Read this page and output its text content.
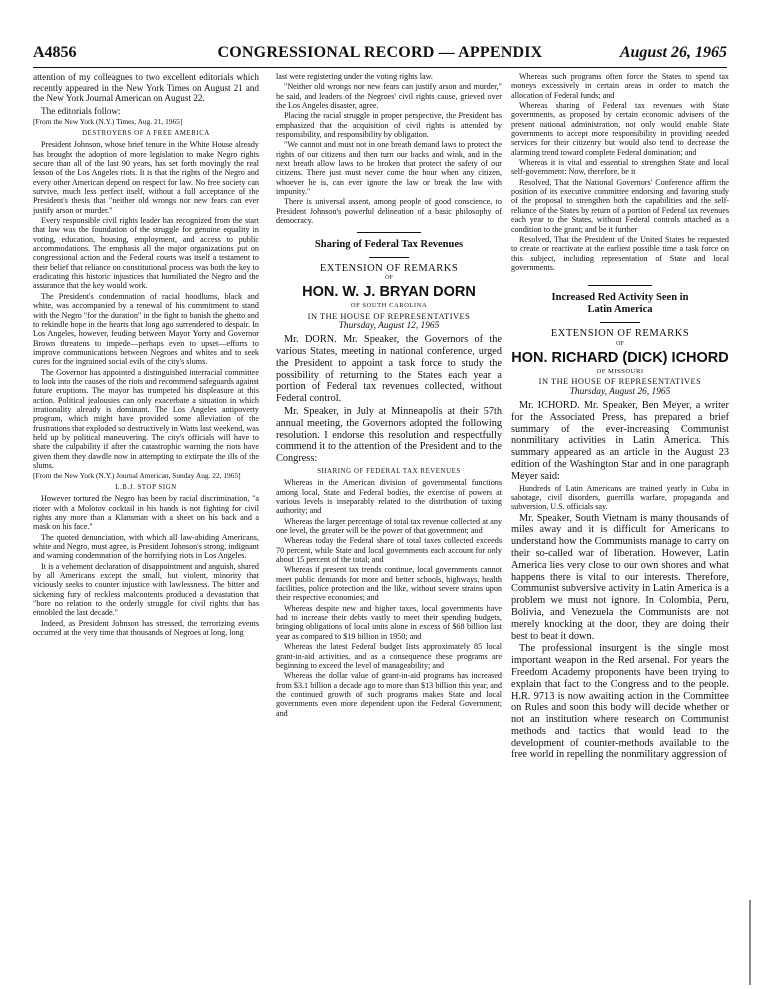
A4856	CONGRESSIONAL RECORD — APPENDIX	August 26, 1965

attention of my colleagues to two excellent editorials which recently appeared in the New York Times on August 21 and the New York Journal American on August 22.

The editorials follow:

[From the New York (N.Y.) Times, Aug. 21, 1965]

DESTROYERS OF A FREE AMERICA

President Johnson, whose brief tenure in the White House already has brought the adoption of more legislation to make Negro rights secure than all of the last 90 years, has set forth movingly the real lesson of the Los Angeles riots. It is that the rights of the Negro and every other American depend on respect for law. No free society can survive, much less perfect itself, without a full acceptance of the President's thesis that "neither old wrongs nor new fears can ever justify arson or murder."

Every responsible civil rights leader has recognized from the start that law was the foundation of the struggle for genuine equality in voting, education, housing, employment, and access to public accommodations. The emphasis all the major organizations put on congressional action and the Federal courts was itself a testament to their belief that reliance on constitutional process was both the key to eradicating this historic injustices that humiliated the Negro and the assurance that the key would work.

The President's condemnation of racial hoodlums, black and white, was accompanied by a renewal of his commitment to stand with the Negro "for the duration" in the fight to banish the ghetto and to rekindle hope in the hearts that long ago surrendered to despair. In Los Angeles, however, feuding between Mayor Yorty and Governor Brown threatens to impede—perhaps even to upset—efforts to improve communications between Negroes and whites and to seek cures for the ingrained social evils of the city's slums.

The Governor has appointed a distinguished interracial committee to look into the causes of the riots and recommend safeguards against future eruptions. The mayor has trumpeted his displeasure at this action. Political jealousies can only exacerbate a situation in which irrationality already is dominant. The Los Angeles antipoverty program, which might have provided some alleviation of the frustrations that exploded so destructively in Watts last weekend, was held up by political maneuvering. The city's officials will have to share the culpability if after the catastrophic warning the riots have given them they dawdle now in attempting to extirpate the ills of the slums.

[From the New York (N.Y.) Journal American, Sunday Aug. 22, 1965]

L.B.J. STOP SIGN

However tortured the Negro has been by racial discrimination, "a rioter with a Molotov cocktail in his hands is not fighting for civil rights any more than a Klansman with a sheet on his back and a mask on his face."

The quoted denunciation, with which all law-abiding Americans, white and Negro, must agree, is President Johnson's strong, indignant and warning condemnation of the horrifying riots in Los Angeles.

It is a vehement declaration of disappointment and anguish, shared by all Americans except the small, but violent, minority that viciously seeks to counter injustice with lawlessness. The bitter and sickening fury of reckless malcontents produced a devastation that "bore no relation to the orderly struggle for civil rights that has ennobled the last decade."

Indeed, as President Johnson has stressed, the terrorizing events occurred at the very time that thousands of Negroes at long, long

last were registering under the voting rights law.

"Neither old wrongs nor new fears can justify arson and murder," he said, and leaders of the Negroes' civil rights cause, grieved over the Los Angeles disaster, agree.

Placing the racial struggle in proper perspective, the President has emphasized that the acquisition of civil rights is attended by responsibility, and responsibility by obligation.

"We cannot and must not in one breath demand laws to protect the rights of our citizens and then turn our backs and wink, and in the next breath allow laws to be broken that protect the safety of our citizens. There just must never come the hour when any citizen, whoever he is, can ever ignore the law or break the law with impunity."

There is universal assent, among people of good conscience, to President Johnson's powerful delineation of a basic philosophy of democracy.

Sharing of Federal Tax Revenues

EXTENSION OF REMARKS

OF

HON. W. J. BRYAN DORN

OF SOUTH CAROLINA

IN THE HOUSE OF REPRESENTATIVES

Thursday, August 12, 1965

Mr. DORN. Mr. Speaker, the Governors of the various States, meeting in national conference, urged the President to appoint a task force to study the possibility of returning to the States each year a portion of Federal tax revenues collected, without Federal control.

Mr. Speaker, in July at Minneapolis at their 57th annual meeting, the Governors adopted the following resolution. I endorse this resolution and respectfully commend it to the attention of the President and to the Congress:

SHARING OF FEDERAL TAX REVENUES

Whereas in the American division of governmental functions among local, State and Federal bodies, the exercise of powers at various levels is inseparably related to the distribution of taxing authority; and

Whereas the larger percentage of total tax revenue collected at any one level, the greater will be the power of that government; and

Whereas today the Federal share of total taxes collected exceeds 70 percent, while State and local governments each account for only about 15 percent of the total; and

Whereas if present tax trends continue, local governments cannot meet public demands for more and better schools, highways, health facilities, police protection and the like, without severe strains upon their respective economies; and

Whereas despite new and higher taxes, local governments have had to increase their debts vastly to meet their spending budgets, bringing obligations of local units alone in excess of $68 billion last year as compared to $19 billion in 1950; and

Whereas the latest Federal budget lists approximately 85 local grant-in-aid activities, and as a consequence these programs are beginning to exceed the level of manageability; and

Whereas the dollar value of grant-in-aid programs has increased from $3.1 billion a decade ago to more than $13 billion this year, and the continued growth of such programs makes State and local governments even more dependent upon the Federal Government; and

Whereas such programs often force the States to spend tax moneys excessively in certain areas in order to match the allocation of Federal funds; and

Whereas sharing of Federal tax revenues with State governments, as proposed by certain economic advisers of the present national administration, not only would enable State governments to accept more responsibility in providing needed services for their citizenry but would also tend to decrease the alarming trend toward complete Federal domination; and

Whereas it is vital and essential to strengthen State and local self-government: Now, therefore, be it

Resolved, That the National Governors' Conference affirm the position of its executive committee endorsing and favoring study of the proposal to strengthen both the capabilities and the self-reliance of the States by return of a portion of Federal tax revenues each year to the States, without Federal controls attached as a condition to the grant; and be it further

Resolved, That the President of the United States be requested to create or reactivate at the earliest possible time a task force on this subject, including representation of State and local governments.

Increased Red Activity Seen in

Latin America

EXTENSION OF REMARKS

OF

HON. RICHARD (DICK) ICHORD

OF MISSOURI

IN THE HOUSE OF REPRESENTATIVES

Thursday, August 26, 1965

Mr. ICHORD. Mr. Speaker, Ben Meyer, a writer for the Associated Press, has prepared a brief summary of the ever-increasing Communist nonmilitary activities in Latin America. This summary appeared as an article in the August 23 edition of the Washington Star and in one paragraph Meyer said:

Hundreds of Latin Americans are trained yearly in Cuba in sabotage, civil disorders, guerrilla warfare, propaganda and subversion, U.S. officials say.

Mr. Speaker, South Vietnam is many thousands of miles away and it is difficult for Americans to understand how the Communists manage to carry on their so-called war of liberation. However, Latin America lies very close to our own shores and what happens there is vital to our interests. Therefore, Communist subversive activity in Latin America is a problem we must not ignore. In Colombia, Peru, Bolivia, and Venezuela the Communists are not merely knocking at the door, they are doing their best to beat it down.

The professional insurgent is the single most important weapon in the Red arsenal. For years the Freedom Academy proponents have been trying to explain that fact to the Congress and to the people. H.R. 9713 is now awaiting action in the Committee on Rules and soon this body will decide whether or not an institution where research on Communist methods and tactics that would lead to the development of counter-methods available to the free world in repelling the nonmilitary aggression of
